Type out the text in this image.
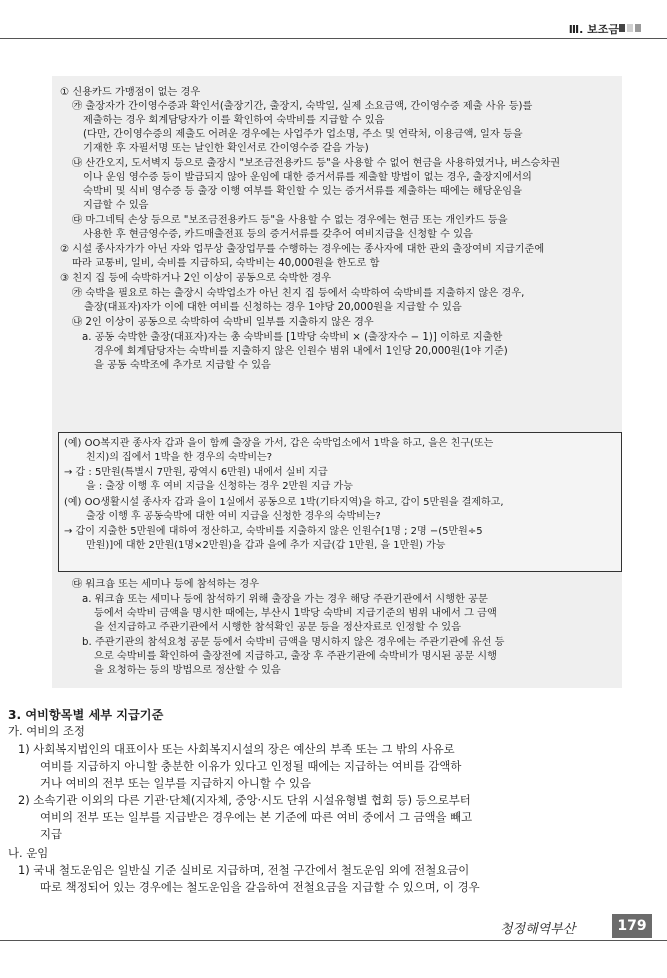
Ⅲ. 보조금
① 신용카드 가맹점이 없는 경우
㉮ 출장자가 간이영수증과 확인서(출장기간, 출장지, 숙박일, 실제 소요금액, 간이영수증 제출 사유 등)를
제출하는 경우 회계담당자가 이를 확인하여 숙박비를 지급할 수 있음
(다만, 간이영수증의 제출도 어려운 경우에는 사업주가 업소명, 주소 및 연락처, 이용금액, 일자 등을
기재한 후 자필서명 또는 날인한 확인서로 간이영수증 갈음 가능)
㉯ 산간오지, 도서벽지 등으로 출장시 "보조금전용카드 등"을 사용할 수 없어 현금을 사용하였거나, 버스승차권
이나 운임 영수증 등이 발급되지 않아 운임에 대한 증거서류를 제출할 방법이 없는 경우, 출장지에서의
숙박비 및 식비 영수증 등 출장 이행 여부를 확인할 수 있는 증거서류를 제출하는 때에는 해당운임을
지급할 수 있음
㉰ 마그네틱 손상 등으로 "보조금전용카드 등"을 사용할 수 없는 경우에는 현금 또는 개인카드 등을
사용한 후 현금영수증, 카드매출전표 등의 증거서류를 갖추어 여비지급을 신청할 수 있음
② 시설 종사자가가 아닌 자와 업무상 출장업무를 수행하는 경우에는 종사자에 대한 관외 출장여비 지급기준에
따라 교통비, 일비, 숙비를 지급하되, 숙박비는 40,000원을 한도로 함
③ 친지 집 등에 숙박하거나 2인 이상이 공동으로 숙박한 경우
㉮ 숙박을 필요로 하는 출장시 숙박업소가 아닌 친지 집 등에서 숙박하여 숙박비를 지출하지 않은 경우,
출장(대표자)자가 이에 대한 여비를 신청하는 경우 1야당 20,000원을 지급할 수 있음
㉯ 2인 이상이 공동으로 숙박하여 숙박비 일부를 지출하지 않은 경우
a. 공동 숙박한 출장(대표자)자는 총 숙박비를 [1박당 숙박비 × (출장자수 − 1)] 이하로 지출한
경우에 회계담당자는 숙박비를 지출하지 않은 인원수 범위 내에서 1인당 20,000원(1야 기준)
을 공동 숙박조에 추가로 지급할 수 있음
(예) OO복지관 종사자 갑과 을이 함께 출장을 가서, 갑은 숙박업소에서 1박을 하고, 을은 친구(또는
친지)의 집에서 1박을 한 경우의 숙박비는?
→ 갑 : 5만원(특별시 7만원, 광역시 6만원) 내에서 실비 지급
을 : 출장 이행 후 여비 지급을 신청하는 경우 2만원 지급 가능
(예) OO생활시설 종사자 갑과 을이 1실에서 공동으로 1박(기타지역)을 하고, 갑이 5만원을 결제하고,
출장 이행 후 공동숙박에 대한 여비 지급을 신청한 경우의 숙박비는?
→ 갑이 지출한 5만원에 대하여 정산하고, 숙박비를 지출하지 않은 인원수[1명 ; 2명 −(5만원÷5
만원)]에 대한 2만원(1명×2만원)을 갑과 을에 추가 지급(갑 1만원, 을 1만원) 가능
㉰ 워크숍 또는 세미나 등에 참석하는 경우
a. 워크숍 또는 세미나 등에 참석하기 위해 출장을 가는 경우 해당 주관기관에서 시행한 공문
등에서 숙박비 금액을 명시한 때에는, 부산시 1박당 숙박비 지급기준의 범위 내에서 그 금액
을 선지급하고 주관기관에서 시행한 참석확인 공문 등을 정산자료로 인정할 수 있음
b. 주관기관의 참석요청 공문 등에서 숙박비 금액을 명시하지 않은 경우에는 주관기관에 유선 등
으로 숙박비를 확인하여 출장전에 지급하고, 출장 후 주관기관에 숙박비가 명시된 공문 시행
을 요청하는 등의 방법으로 정산할 수 있음
3. 여비항목별 세부 지급기준
가. 여비의 조정
1) 사회복지법인의 대표이사 또는 사회복지시설의 장은 예산의 부족 또는 그 밖의 사유로
여비를 지급하지 아니할 충분한 이유가 있다고 인정될 때에는 지급하는 여비를 감액하
거나 여비의 전부 또는 일부를 지급하지 아니할 수 있음
2) 소속기관 이외의 다른 기관·단체(지자체, 중앙·시도 단위 시설유형별 협회 등) 등으로부터
여비의 전부 또는 일부를 지급받은 경우에는 본 기준에 따른 여비 중에서 그 금액을 빼고
지급
나. 운임
1) 국내 철도운임은 일반실 기준 실비로 지급하며, 전철 구간에서 철도운임 외에 전철요금이
따로 책정되어 있는 경우에는 철도운임을 갈음하여 전철요금을 지급할 수 있으며, 이 경우
청정해역부산	179
